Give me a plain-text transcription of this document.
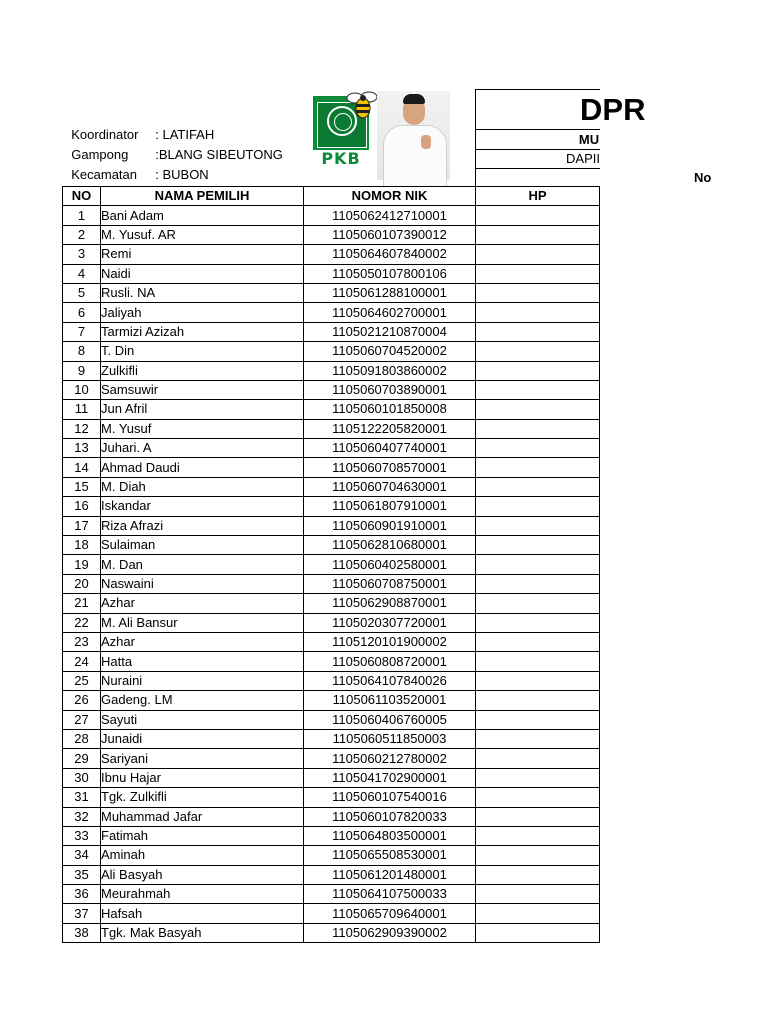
Koordinator : LATIFAH

Gampong :BLANG SIBEUTONG

Kecamatan : BUBON

PKB
DPR
MU
DAPII
No
NO	NAMA PEMILIH	NOMOR NIK	HP
1	Bani Adam	1105062412710001	
2	M. Yusuf. AR	1105060107390012	
3	Remi	1105064607840002	
4	Naidi	1105050107800106	
5	Rusli. NA	1105061288100001	
6	Jaliyah	1105064602700001	
7	Tarmizi Azizah	1105021210870004	
8	T. Din	1105060704520002	
9	Zulkifli	1105091803860002	
10	Samsuwir	1105060703890001	
11	Jun Afril	1105060101850008	
12	M. Yusuf	1105122205820001	
13	Juhari. A	1105060407740001	
14	Ahmad Daudi	1105060708570001	
15	M. Diah	1105060704630001	
16	Iskandar	1105061807910001	
17	Riza Afrazi	1105060901910001	
18	Sulaiman	1105062810680001	
19	M. Dan	1105060402580001	
20	Naswaini	1105060708750001	
21	Azhar	1105062908870001	
22	M. Ali Bansur	1105020307720001	
23	Azhar	1105120101900002	
24	Hatta	1105060808720001	
25	Nuraini	1105064107840026	
26	Gadeng. LM	1105061103520001	
27	Sayuti	1105060406760005	
28	Junaidi	1105060511850003	
29	Sariyani	1105060212780002	
30	Ibnu Hajar	1105041702900001	
31	Tgk. Zulkifli	1105060107540016	
32	Muhammad Jafar	1105060107820033	
33	Fatimah	1105064803500001	
34	Aminah	1105065508530001	
35	Ali Basyah	1105061201480001	
36	Meurahmah	1105064107500033	
37	Hafsah	1105065709640001	
38	Tgk. Mak Basyah	1105062909390002	
